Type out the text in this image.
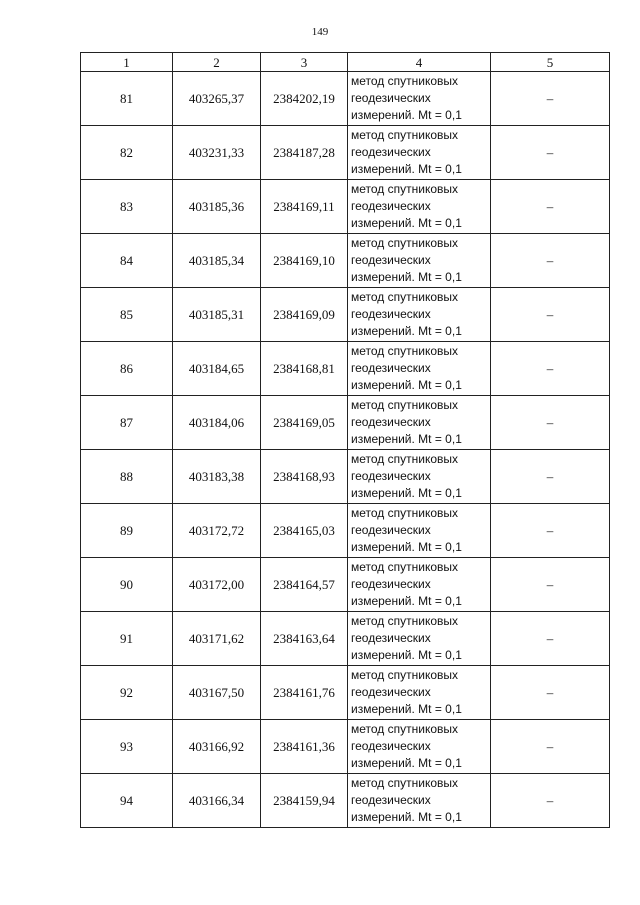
149
1	2	3	4	5
81	403265,37	2384202,19	метод спутниковых
геодезических
измерений. Mt = 0,1	–
82	403231,33	2384187,28	метод спутниковых
геодезических
измерений. Mt = 0,1	–
83	403185,36	2384169,11	метод спутниковых
геодезических
измерений. Mt = 0,1	–
84	403185,34	2384169,10	метод спутниковых
геодезических
измерений. Mt = 0,1	–
85	403185,31	2384169,09	метод спутниковых
геодезических
измерений. Mt = 0,1	–
86	403184,65	2384168,81	метод спутниковых
геодезических
измерений. Mt = 0,1	–
87	403184,06	2384169,05	метод спутниковых
геодезических
измерений. Mt = 0,1	–
88	403183,38	2384168,93	метод спутниковых
геодезических
измерений. Mt = 0,1	–
89	403172,72	2384165,03	метод спутниковых
геодезических
измерений. Mt = 0,1	–
90	403172,00	2384164,57	метод спутниковых
геодезических
измерений. Mt = 0,1	–
91	403171,62	2384163,64	метод спутниковых
геодезических
измерений. Mt = 0,1	–
92	403167,50	2384161,76	метод спутниковых
геодезических
измерений. Mt = 0,1	–
93	403166,92	2384161,36	метод спутниковых
геодезических
измерений. Mt = 0,1	–
94	403166,34	2384159,94	метод спутниковых
геодезических
измерений. Mt = 0,1	–
